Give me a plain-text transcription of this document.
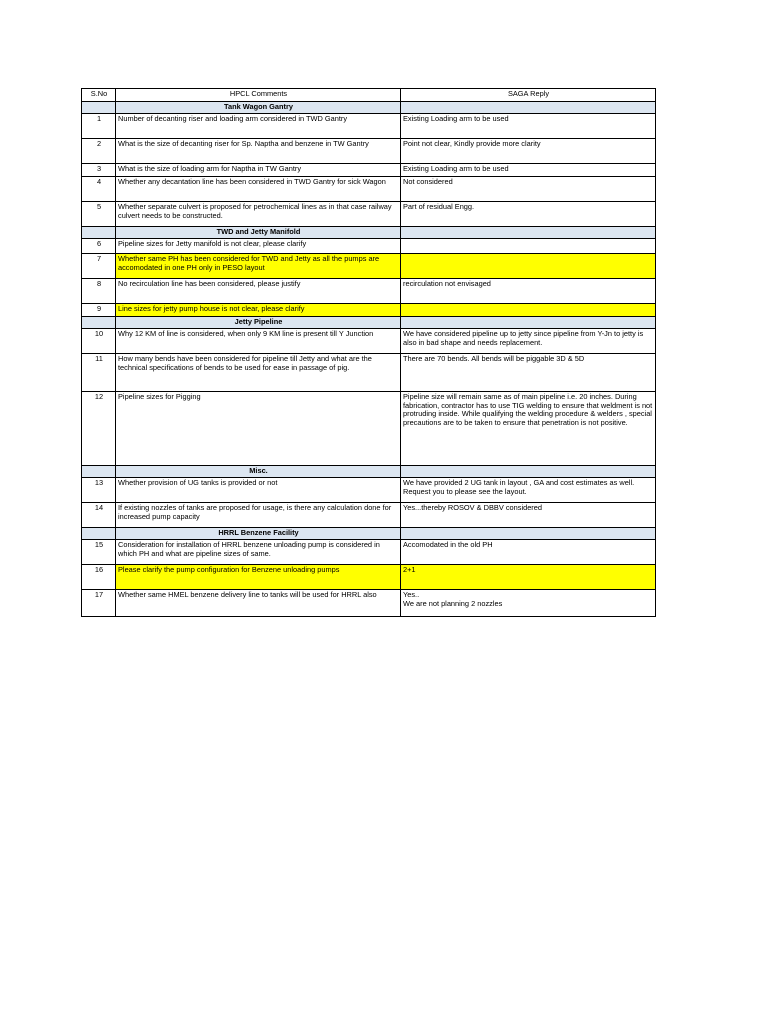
S.No	HPCL Comments	SAGA Reply
	Tank Wagon Gantry	
1	Number of decanting riser and loading arm considered in TWD Gantry	Existing Loading arm to be used
2	What is the size of decanting riser for Sp. Naptha and benzene in TW Gantry	Point not clear, Kindly provide more clarity
3	What is the size of loading arm for Naptha in TW Gantry	Existing Loading arm to be used
4	Whether any decantation line has been considered in TWD Gantry for sick Wagon	Not considered
5	Whether separate culvert is proposed for petrochemical lines as in that case railway culvert needs to be constructed.	Part of residual Engg.
	TWD and Jetty Manifold	
6	Pipeline sizes for Jetty manifold is not clear, please clarify	
7	Whether same PH has been considered for TWD and Jetty as all the pumps are accomodated in one PH only in PESO layout	
8	No recirculation line has been considered, please justify	recirculation not envisaged
9	Line sizes for jetty pump house is not clear, please clarify	
	Jetty Pipeline	
10	Why 12 KM of line is considered, when only 9 KM line is present till Y Junction	We have considered pipeline up to jetty since pipeline from Y-Jn to jetty is also in bad shape and needs replacement.
11	How many bends have been considered for pipeline till Jetty and what are the technical specifications of bends to be used for ease in passage of pig.	There are 70 bends. All bends will be piggable 3D & 5D
12	Pipeline sizes for Pigging	Pipeline size will remain same as of main pipeline i.e. 20 inches. During fabrication, contractor has to use TIG welding to ensure that weldment is not protruding inside. While qualifying the welding procedure & welders , special precautions are to be taken to ensure that penetration is not positive.
	Misc.	
13	Whether provision of UG tanks is provided or not	We have provided 2 UG tank in layout , GA and cost estimates as well. Request you to please see the layout.
14	If existing nozzles of tanks are proposed for usage, is there any calculation done for increased pump capacity	Yes...thereby ROSOV & DBBV considered
	HRRL Benzene Facility	
15	Consideration for installation of HRRL benzene unloading pump is considered in which PH and what are pipeline sizes of same.	Accomodated in the old PH
16	Please clarify the pump configuration for Benzene unloading pumps	2+1
17	Whether same HMEL benzene delivery line to tanks will be used for HRRL also	Yes..
We are not planning 2 nozzles
